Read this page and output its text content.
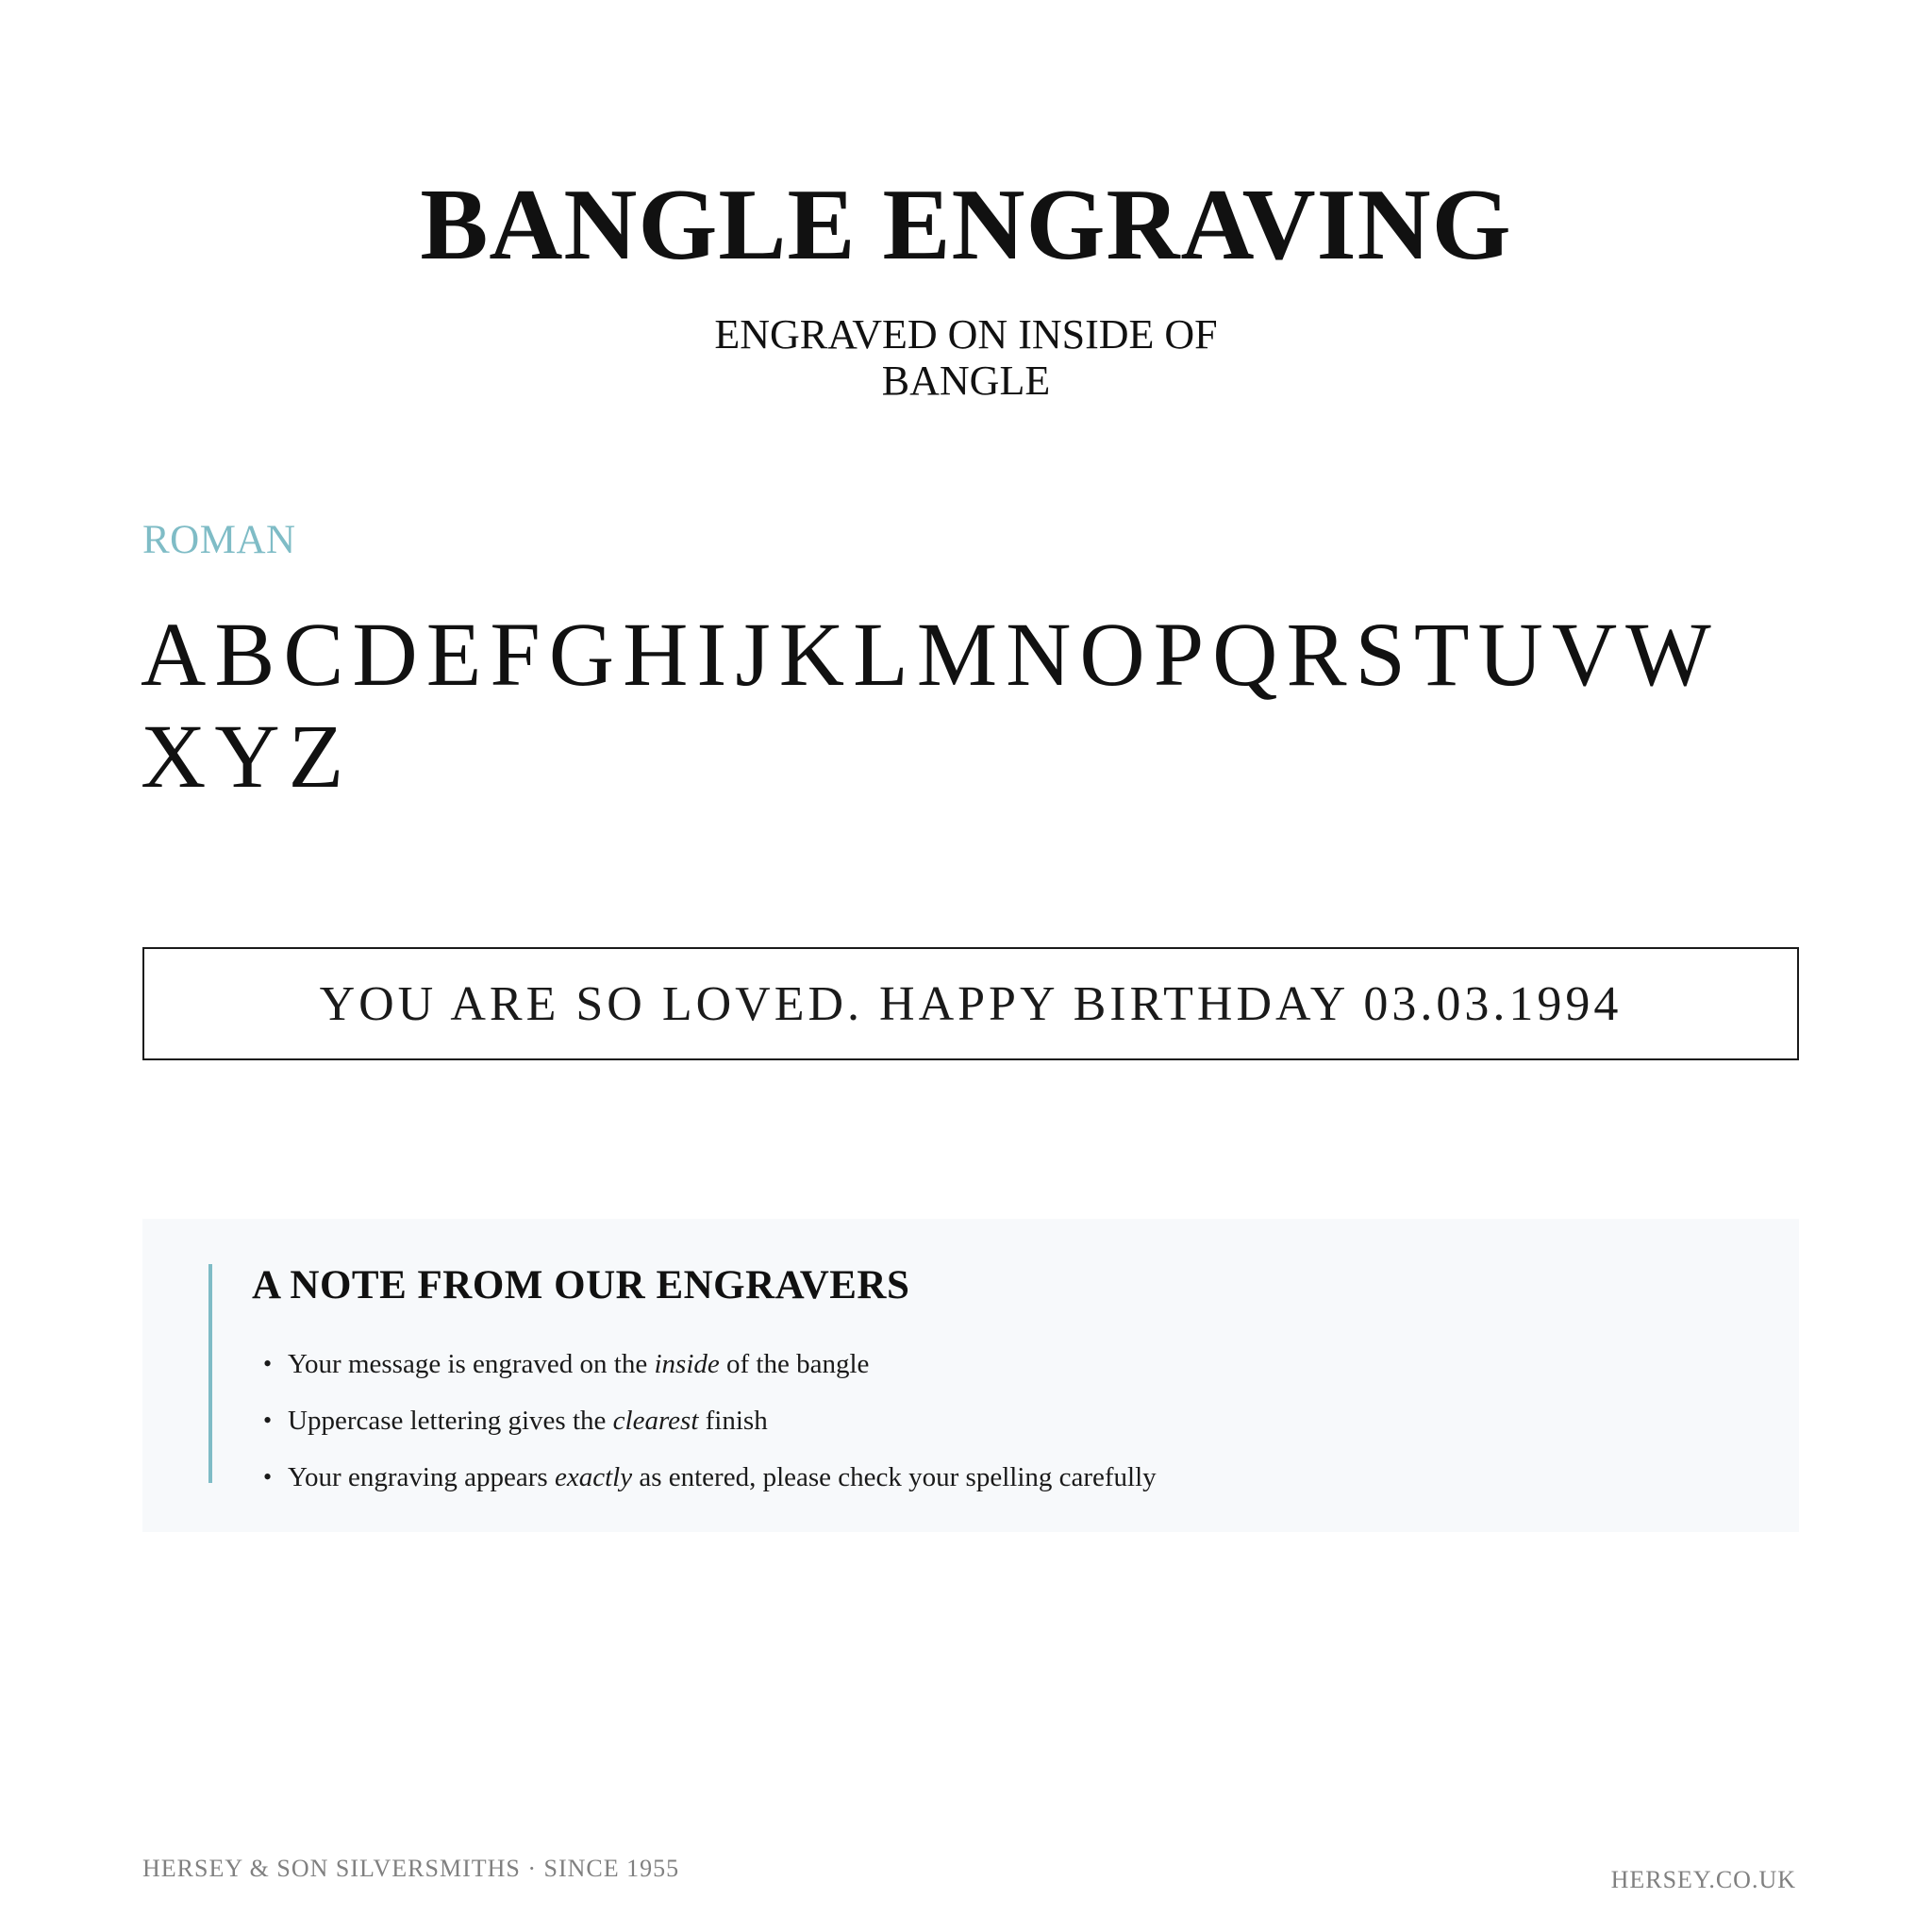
BANGLE ENGRAVING
ENGRAVED ON INSIDE OF
BANGLE
ROMAN
ABCDEFGHIJKLMNOPQRSTUVW
XYZ
YOU ARE SO LOVED. HAPPY BIRTHDAY 03.03.1994
A NOTE FROM OUR ENGRAVERS
• Your message is engraved on the inside of the bangle
• Uppercase lettering gives the clearest finish
• Your engraving appears exactly as entered, please check your spelling carefully
HERSEY & SON SILVERSMITHS · SINCE 1955	HERSEY.CO.UK
